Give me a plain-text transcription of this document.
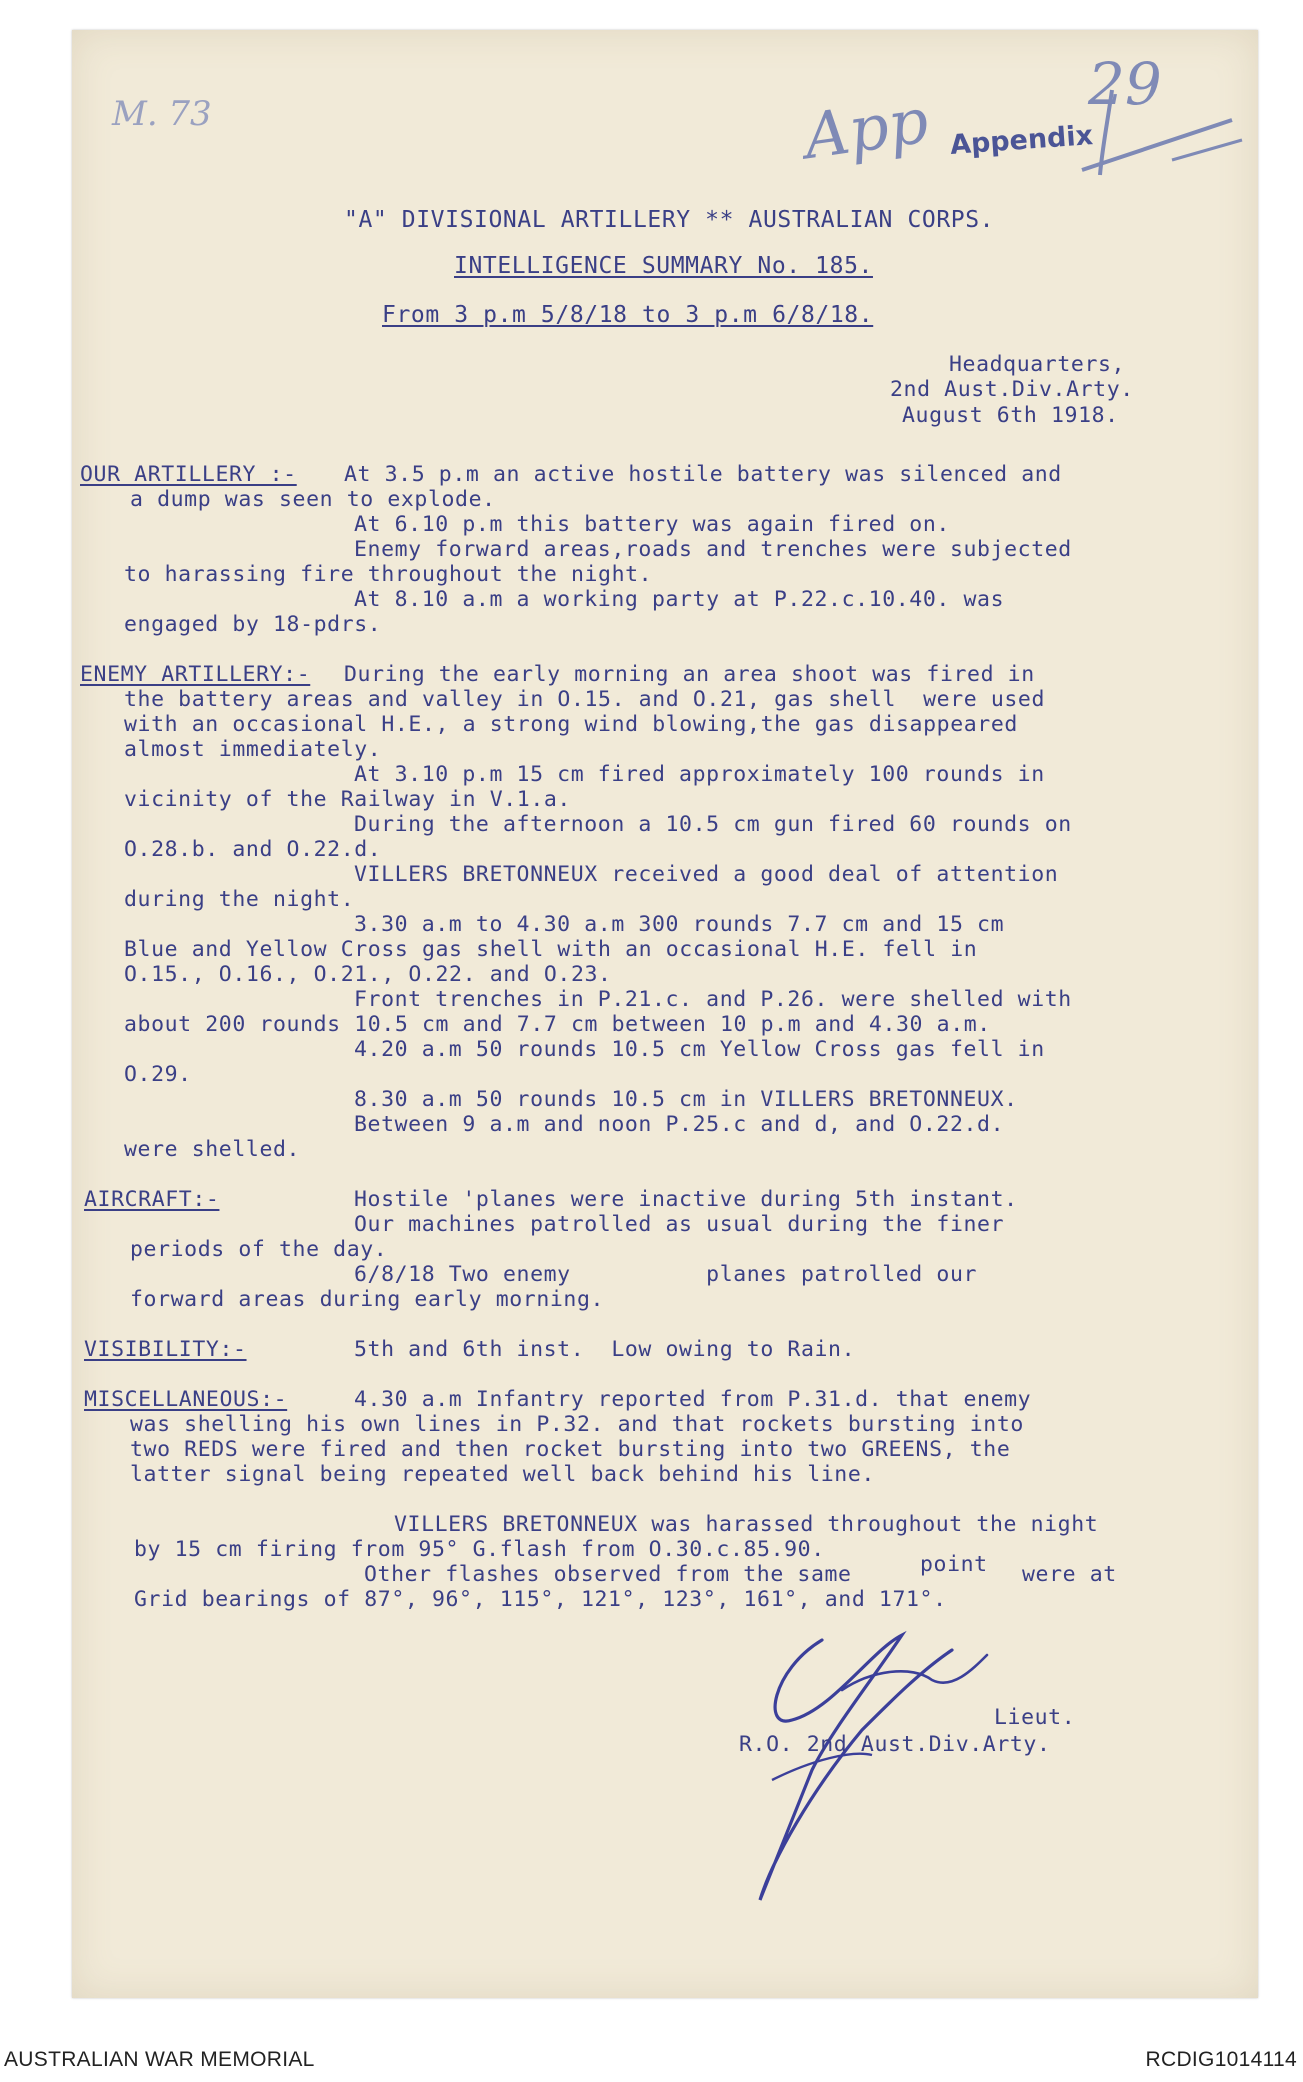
M. 73	App Appendix
29
"A" DIVISIONAL ARTILLERY ** AUSTRALIAN CORPS.
INTELLIGENCE SUMMARY No. 185.
From 3 p.m 5/8/18 to 3 p.m 6/8/18.
Headquarters,
2nd Aust.Div.Arty.
August 6th 1918.
OUR ARTILLERY :- At 3.5 p.m an active hostile battery was silenced and
a dump was seen to explode.
At 6.10 p.m this battery was again fired on.
Enemy forward areas,roads and trenches were subjected
to harassing fire throughout the night.
At 8.10 a.m a working party at P.22.c.10.40. was
engaged by 18-pdrs.
ENEMY ARTILLERY:- During the early morning an area shoot was fired in
the battery areas and valley in O.15. and O.21, gas shell  were used
with an occasional H.E., a strong wind blowing,the gas disappeared
almost immediately.
At 3.10 p.m 15 cm fired approximately 100 rounds in
vicinity of the Railway in V.1.a.
During the afternoon a 10.5 cm gun fired 60 rounds on
O.28.b. and O.22.d.
VILLERS BRETONNEUX received a good deal of attention
during the night.
3.30 a.m to 4.30 a.m 300 rounds 7.7 cm and 15 cm
Blue and Yellow Cross gas shell with an occasional H.E. fell in
O.15., O.16., O.21., O.22. and O.23.
Front trenches in P.21.c. and P.26. were shelled with
about 200 rounds 10.5 cm and 7.7 cm between 10 p.m and 4.30 a.m.
4.20 a.m 50 rounds 10.5 cm Yellow Cross gas fell in
O.29.
8.30 a.m 50 rounds 10.5 cm in VILLERS BRETONNEUX.
Between 9 a.m and noon P.25.c and d, and O.22.d.
were shelled.
AIRCRAFT:-	Hostile 'planes were inactive during 5th instant.
Our machines patrolled as usual during the finer
periods of the day.
6/8/18 Two enemy          planes patrolled our
forward areas during early morning.
VISIBILITY:-	5th and 6th inst.  Low owing to Rain.
MISCELLANEOUS:-	4.30 a.m Infantry reported from P.31.d. that enemy
was shelling his own lines in P.32. and that rockets bursting into
two REDS were fired and then rocket bursting into two GREENS, the
latter signal being repeated well back behind his line.
VILLERS BRETONNEUX was harassed throughout the night
by 15 cm firing from 95° G.flash from O.30.c.85.90.
Other flashes observed from the same	point were at
Grid bearings of 87°, 96°, 115°, 121°, 123°, 161°, and 171°.
Lieut.
R.O. 2nd Aust.Div.Arty.
AUSTRALIAN WAR MEMORIAL	RCDIG1014114
